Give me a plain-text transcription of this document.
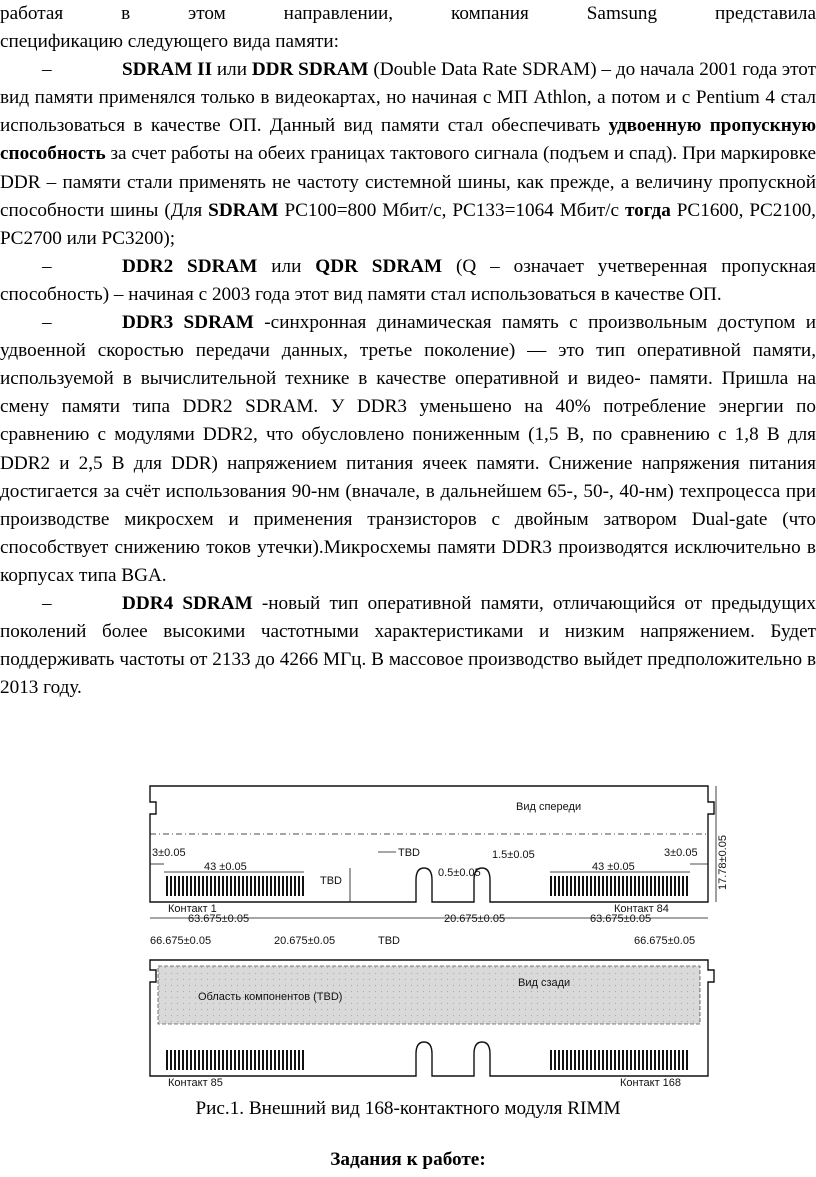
работая в этом направлении, компания Samsung представила

спецификацию следующего вида памяти:

–	SDRAM II или DDR SDRAM (Double Data Rate SDRAM) – до начала 2001 года этот вид памяти применялся только в видеокартах, но начиная с МП Athlon, а потом и с Pentium 4 стал использоваться в качестве ОП. Данный вид памяти стал обеспечивать удвоенную пропускную способность за счет работы на обеих границах тактового сигнала (подъем и спад). При маркировке DDR – памяти стали применять не частоту системной шины, как прежде, а величину пропускной способности шины (Для SDRAM PC100=800 Мбит/с, PC133=1064 Мбит/с тогда PC1600, PC2100, PC2700 или PC3200);

–	DDR2 SDRAM или QDR SDRAM (Q – означает учетверенная пропускная способность) – начиная с 2003 года этот вид памяти стал использоваться в качестве ОП.

–	DDR3 SDRAM -синхронная динамическая память с произвольным доступом и удвоенной скоростью передачи данных, третье поколение) — это тип оперативной памяти, используемой в вычислительной технике в качестве оперативной и видео- памяти. Пришла на смену памяти типа DDR2 SDRAM. У DDR3 уменьшено на 40% потребление энергии по сравнению с модулями DDR2, что обусловлено пониженным (1,5 В, по сравнению с 1,8 В для DDR2 и 2,5 В для DDR) напряжением питания ячеек памяти. Снижение напряжения питания достигается за счёт использования 90-нм (вначале, в дальнейшем 65-, 50-, 40-нм) техпроцесса при производстве микросхем и применения транзисторов с двойным затвором Dual-gate (что способствует снижению токов утечки).Микросхемы памяти DDR3 производятся исключительно в корпусах типа BGA.

–	DDR4 SDRAM -новый тип оперативной памяти, отличающийся от предыдущих поколений более высокими частотными характеристиками и низким напряжением. Будет поддерживать частоты от 2133 до 4266 МГц. В массовое производство выйдет предположительно в 2013 году.

Вид спереди
3±0.05	3±0.05
43 ±0.05	43 ±0.05
TBD
TBD
0.5±0.05
1.5±0.05	17.78±0.05
Контакт 1	Контакт 84
63.675±0.05	20.675±0.05	63.675±0.05
66.675±0.05	20.675±0.05	TBD	66.675±0.05
Область компонентов (TBD)
Вид сзади
Контакт 85	Контакт 168
Рис.1. Внешний вид 168-контактного модуля RIMM
Задания к работе:
